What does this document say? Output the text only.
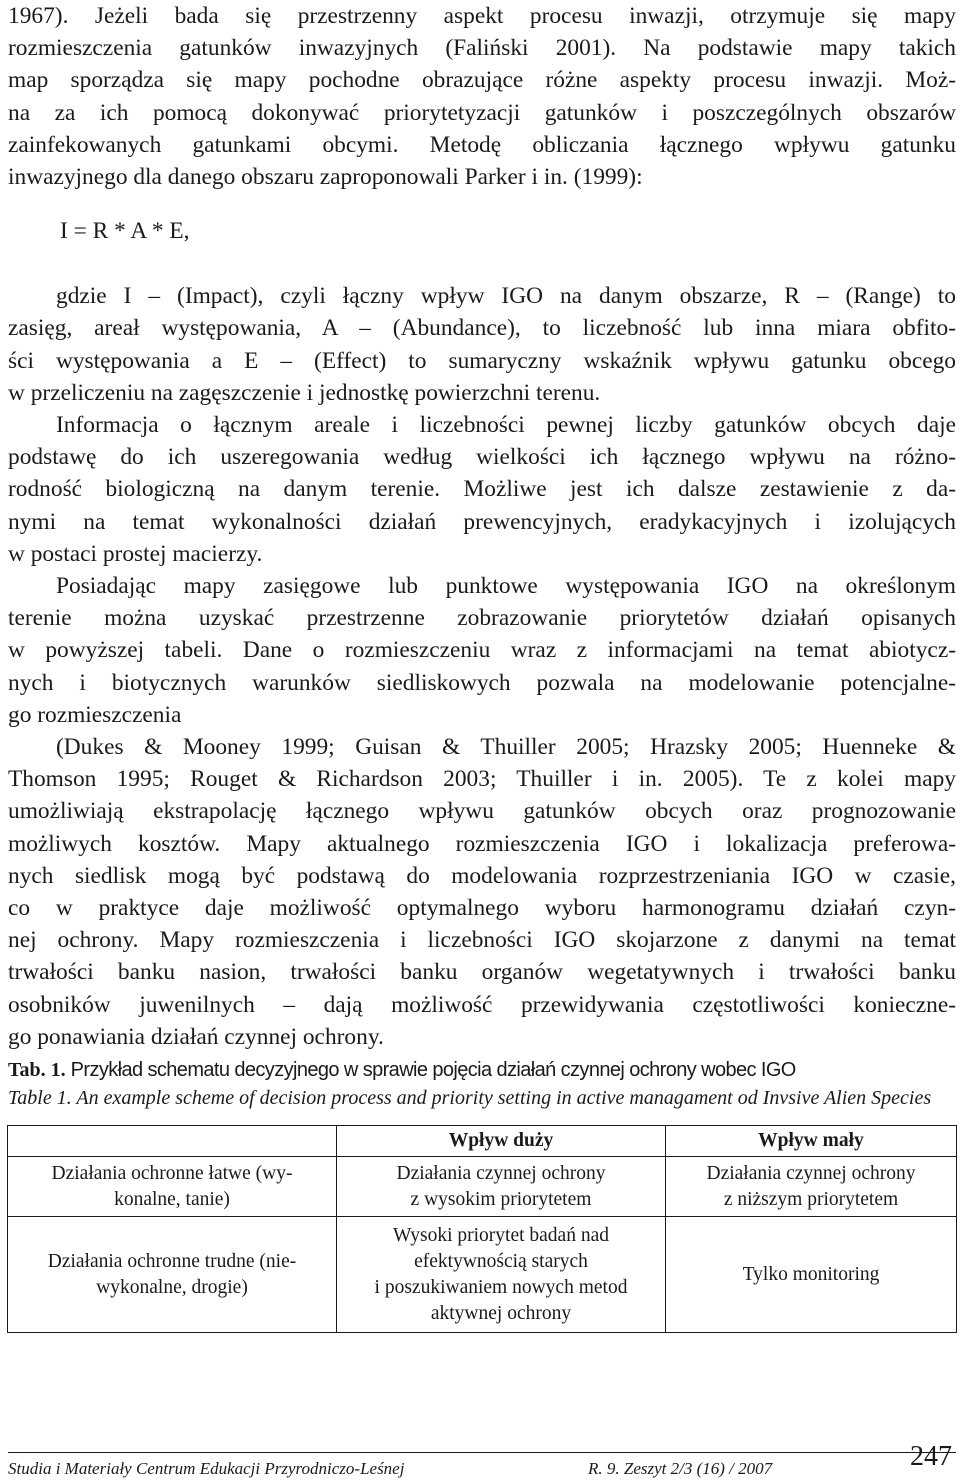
1967). Jeżeli bada się przestrzenny aspekt procesu inwazji, otrzymuje się mapy
rozmieszczenia gatunków inwazyjnych (Faliński 2001). Na podstawie mapy takich
map sporządza się mapy pochodne obrazujące różne aspekty procesu inwazji. Moż-
na za ich pomocą dokonywać priorytetyzacji gatunków i poszczególnych obszarów
zainfekowanych gatunkami obcymi. Metodę obliczania łącznego wpływu gatunku
inwazyjnego dla danego obszaru zaproponowali Parker i in. (1999):
I = R * A * E,
gdzie I – (Impact), czyli łączny wpływ IGO na danym obszarze, R – (Range) to
zasięg, areał występowania, A – (Abundance), to liczebność lub inna miara obfito-
ści występowania a E – (Effect) to sumaryczny wskaźnik wpływu gatunku obcego
w przeliczeniu na zagęszczenie i jednostkę powierzchni terenu.
Informacja o łącznym areale i liczebności pewnej liczby gatunków obcych daje
podstawę do ich uszeregowania według wielkości ich łącznego wpływu na różno-
rodność biologiczną na danym terenie. Możliwe jest ich dalsze zestawienie z da-
nymi na temat wykonalności działań prewencyjnych, eradykacyjnych i izolujących
w postaci prostej macierzy.
Posiadając mapy zasięgowe lub punktowe występowania IGO na określonym
terenie można uzyskać przestrzenne zobrazowanie priorytetów działań opisanych
w powyższej tabeli. Dane o rozmieszczeniu wraz z informacjami na temat abiotycz-
nych i biotycznych warunków siedliskowych pozwala na modelowanie potencjalne-
go rozmieszczenia
(Dukes & Mooney 1999; Guisan & Thuiller 2005; Hrazsky 2005; Huenneke &
Thomson 1995; Rouget & Richardson 2003; Thuiller i in. 2005). Te z kolei mapy
umożliwiają ekstrapolację łącznego wpływu gatunków obcych oraz prognozowanie
możliwych kosztów. Mapy aktualnego rozmieszczenia IGO i lokalizacja preferowa-
nych siedlisk mogą być podstawą do modelowania rozprzestrzeniania IGO w czasie,
co w praktyce daje możliwość optymalnego wyboru harmonogramu działań czyn-
nej ochrony. Mapy rozmieszczenia i liczebności IGO skojarzone z danymi na temat
trwałości banku nasion, trwałości banku organów wegetatywnych i trwałości banku
osobników juwenilnych – dają możliwość przewidywania częstotliwości konieczne-
go ponawiania działań czynnej ochrony.
Tab. 1. Przykład schematu decyzyjnego w sprawie pojęcia działań czynnej ochrony wobec IGO
Table 1. An example scheme of decision process and priority setting in active managament od Invsive Alien Species
	Wpływ duży	Wpływ mały
Działania ochronne łatwe (wy-
konalne, tanie)	Działania czynnej ochrony
z wysokim priorytetem	Działania czynnej ochrony
z niższym priorytetem
Działania ochronne trudne (nie-
wykonalne, drogie)	Wysoki priorytet badań nad
efektywnością starych
i poszukiwaniem nowych metod
aktywnej ochrony	Tylko monitoring
Studia i Materiały Centrum Edukacji Przyrodniczo-Leśnej	R. 9. Zeszyt 2/3 (16) / 2007	247
